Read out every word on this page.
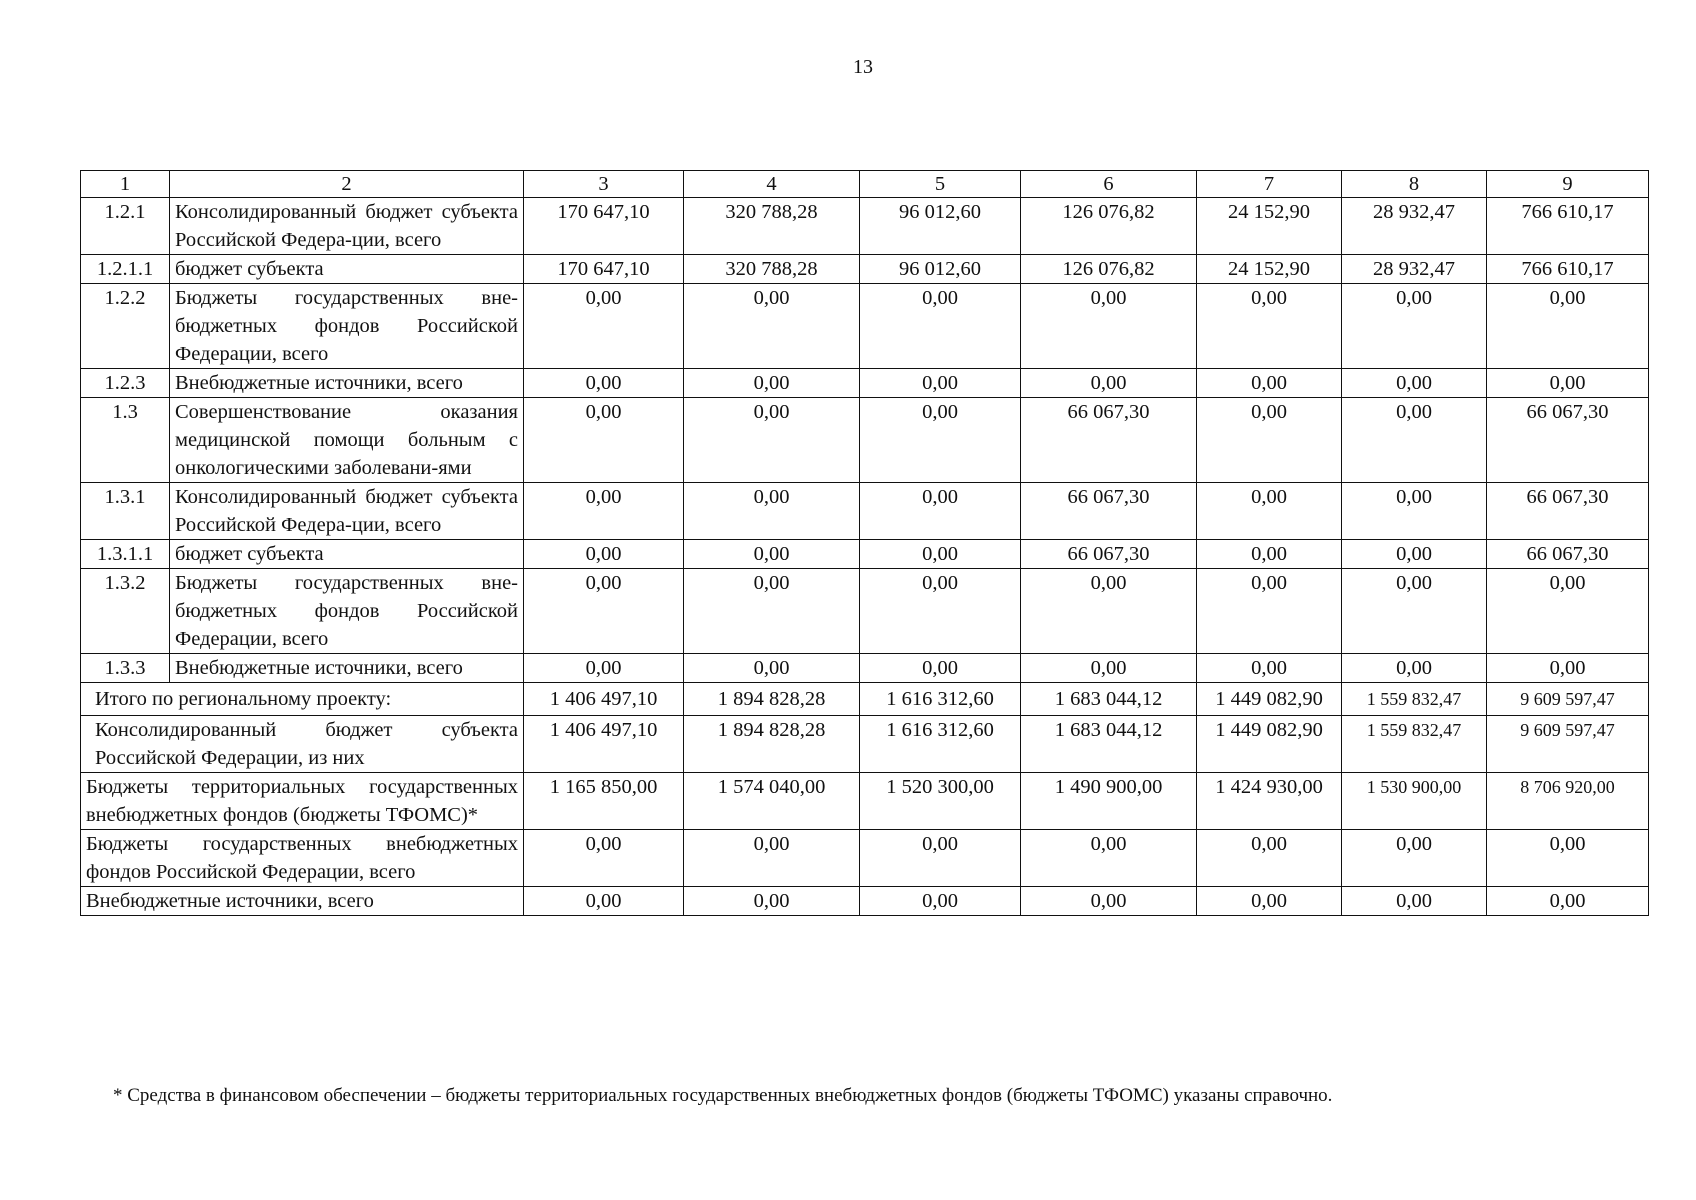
13
1	2	3	4	5	6	7	8	9
1.2.1	Консолидированный бюджет субъекта Российской Федера-ции, всего	170 647,10	320 788,28	96 012,60	126 076,82	24 152,90	28 932,47	766 610,17
1.2.1.1	бюджет субъекта	170 647,10	320 788,28	96 012,60	126 076,82	24 152,90	28 932,47	766 610,17
1.2.2	Бюджеты государственных вне-бюджетных фондов Российской Федерации, всего	0,00	0,00	0,00	0,00	0,00	0,00	0,00
1.2.3	Внебюджетные источники, всего	0,00	0,00	0,00	0,00	0,00	0,00	0,00
1.3	Совершенствование оказания медицинской помощи больным с онкологическими заболевани-ями	0,00	0,00	0,00	66 067,30	0,00	0,00	66 067,30
1.3.1	Консолидированный бюджет субъекта Российской Федера-ции, всего	0,00	0,00	0,00	66 067,30	0,00	0,00	66 067,30
1.3.1.1	бюджет субъекта	0,00	0,00	0,00	66 067,30	0,00	0,00	66 067,30
1.3.2	Бюджеты государственных вне-бюджетных фондов Российской Федерации, всего	0,00	0,00	0,00	0,00	0,00	0,00	0,00
1.3.3	Внебюджетные источники, всего	0,00	0,00	0,00	0,00	0,00	0,00	0,00
Итого по региональному проекту:		1 406 497,10	1 894 828,28	1 616 312,60	1 683 044,12	1 449 082,90	1 559 832,47	9 609 597,47
Консолидированный бюджет субъекта Российской Федерации, из них		1 406 497,10	1 894 828,28	1 616 312,60	1 683 044,12	1 449 082,90	1 559 832,47	9 609 597,47
Бюджеты территориальных государственных внебюджетных фондов (бюджеты ТФОМС)*		1 165 850,00	1 574 040,00	1 520 300,00	1 490 900,00	1 424 930,00	1 530 900,00	8 706 920,00
Бюджеты государственных внебюджетных фондов Российской Федерации, всего		0,00	0,00	0,00	0,00	0,00	0,00	0,00
Внебюджетные источники, всего		0,00	0,00	0,00	0,00	0,00	0,00	0,00
* Средства в финансовом обеспечении – бюджеты территориальных государственных внебюджетных фондов (бюджеты ТФОМС) указаны справочно.
